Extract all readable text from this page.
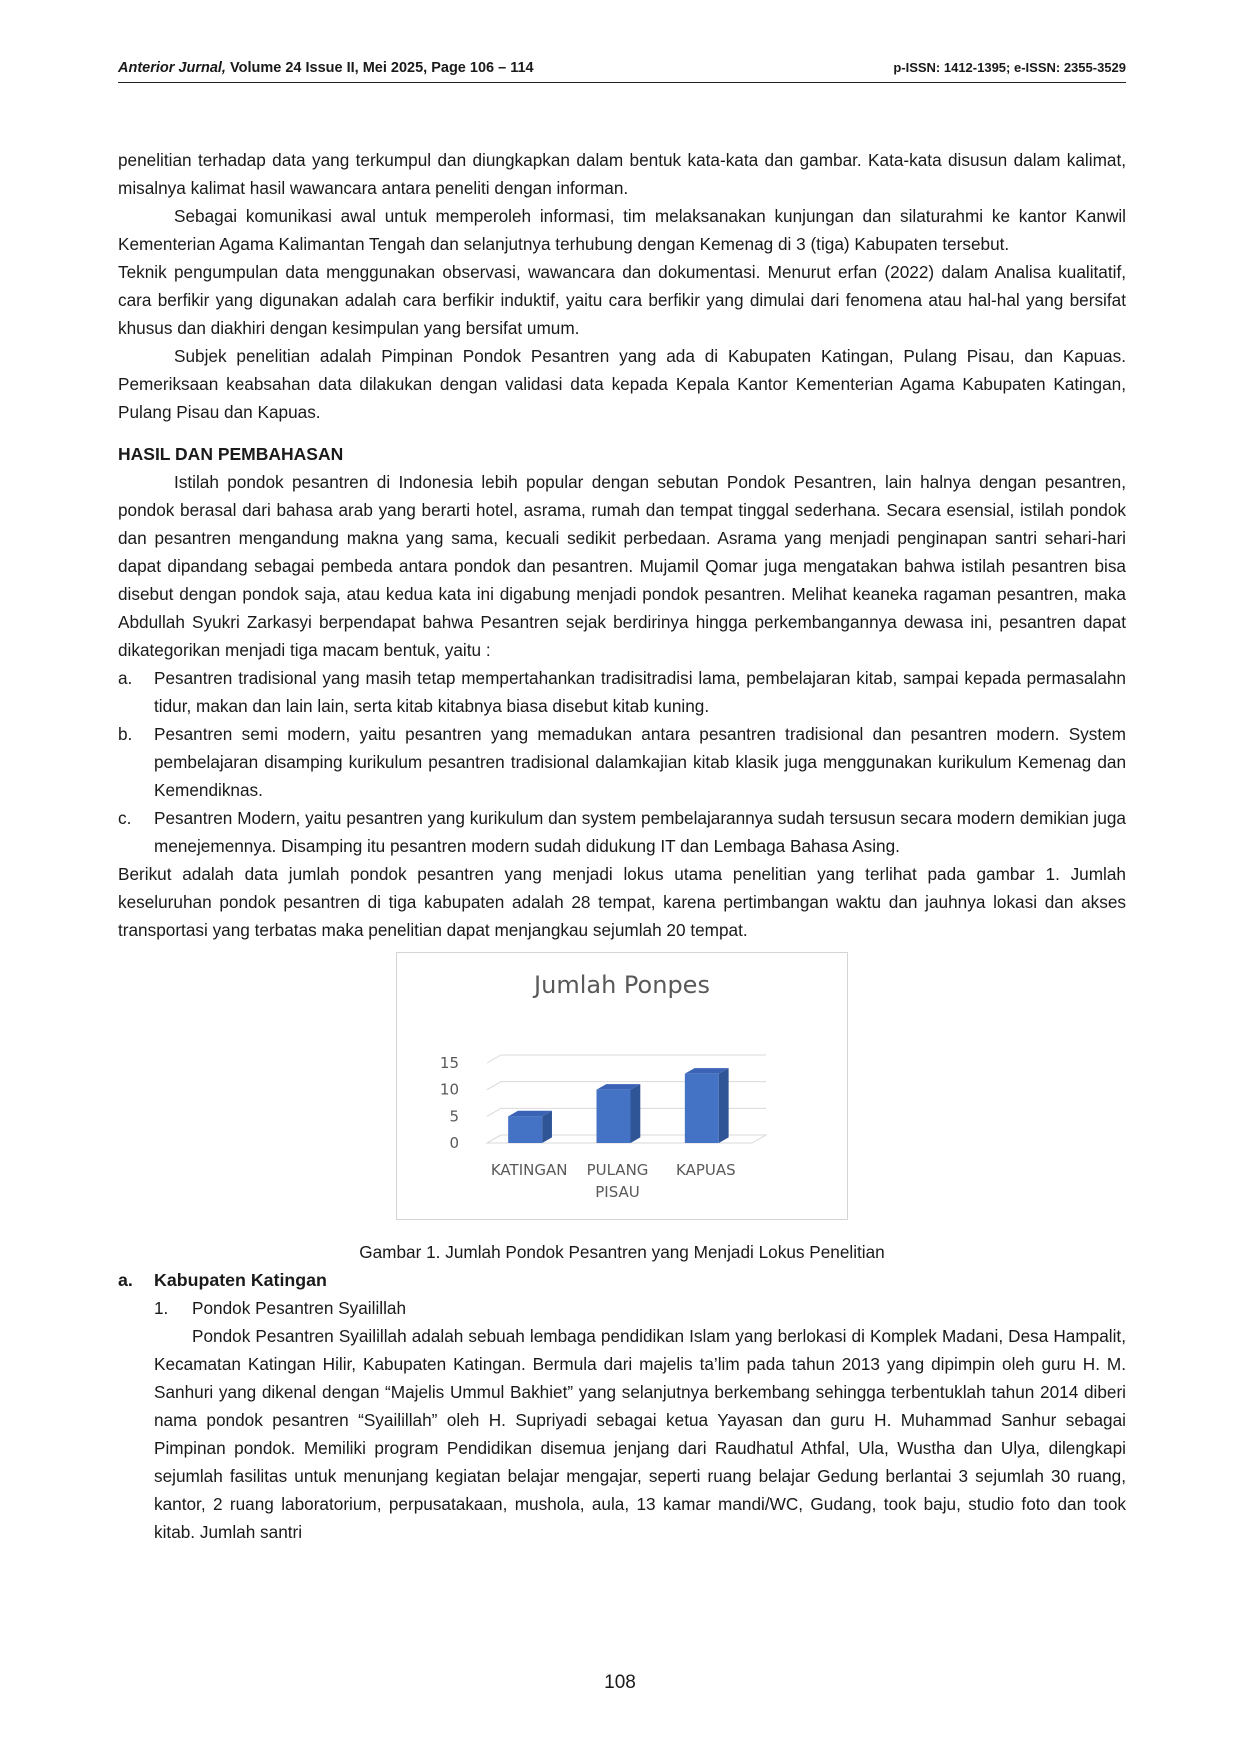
Anterior Jurnal, Volume 24 Issue II, Mei 2025, Page 106 – 114	p-ISSN: 1412-1395; e-ISSN: 2355-3529

penelitian terhadap data yang terkumpul dan diungkapkan dalam bentuk kata-kata dan gambar. Kata-kata disusun dalam kalimat, misalnya kalimat hasil wawancara antara peneliti dengan informan.

Sebagai komunikasi awal untuk memperoleh informasi, tim melaksanakan kunjungan dan silaturahmi ke kantor Kanwil Kementerian Agama Kalimantan Tengah dan selanjutnya terhubung dengan Kemenag di 3 (tiga) Kabupaten tersebut.

Teknik pengumpulan data menggunakan observasi, wawancara dan dokumentasi. Menurut erfan (2022) dalam Analisa kualitatif, cara berfikir yang digunakan adalah cara berfikir induktif, yaitu cara berfikir yang dimulai dari fenomena atau hal-hal yang bersifat khusus dan diakhiri dengan kesimpulan yang bersifat umum.

Subjek penelitian adalah Pimpinan Pondok Pesantren yang ada di Kabupaten Katingan, Pulang Pisau, dan Kapuas. Pemeriksaan keabsahan data dilakukan dengan validasi data kepada Kepala Kantor Kementerian Agama Kabupaten Katingan, Pulang Pisau dan Kapuas.

HASIL DAN PEMBAHASAN

Istilah pondok pesantren di Indonesia lebih popular dengan sebutan Pondok Pesantren, lain halnya dengan pesantren, pondok berasal dari bahasa arab yang berarti hotel, asrama, rumah dan tempat tinggal sederhana. Secara esensial, istilah pondok dan pesantren mengandung makna yang sama, kecuali sedikit perbedaan. Asrama yang menjadi penginapan santri sehari-hari dapat dipandang sebagai pembeda antara pondok dan pesantren. Mujamil Qomar juga mengatakan bahwa istilah pesantren bisa disebut dengan pondok saja, atau kedua kata ini digabung menjadi pondok pesantren. Melihat keaneka ragaman pesantren, maka Abdullah Syukri Zarkasyi berpendapat bahwa Pesantren sejak berdirinya hingga perkembangannya dewasa ini, pesantren dapat dikategorikan menjadi tiga macam bentuk, yaitu :

a.	Pesantren tradisional yang masih tetap mempertahankan tradisitradisi lama, pembelajaran kitab, sampai kepada permasalahn tidur, makan dan lain lain, serta kitab kitabnya biasa disebut kitab kuning.
b.	Pesantren semi modern, yaitu pesantren yang memadukan antara pesantren tradisional dan pesantren modern. System pembelajaran disamping kurikulum pesantren tradisional dalamkajian kitab klasik juga menggunakan kurikulum Kemenag dan Kemendiknas.
c.	Pesantren Modern, yaitu pesantren yang kurikulum dan system pembelajarannya sudah tersusun secara modern demikian juga menejemennya. Disamping itu pesantren modern sudah didukung IT dan Lembaga Bahasa Asing.

Berikut adalah data jumlah pondok pesantren yang menjadi lokus utama penelitian yang terlihat pada gambar 1. Jumlah keseluruhan pondok pesantren di tiga kabupaten adalah 28 tempat, karena pertimbangan waktu dan jauhnya lokasi dan akses transportasi yang terbatas maka penelitian dapat menjangkau sejumlah 20 tempat.

Jumlah Ponpes
0
5
10
15
KATINGAN PULANG
PISAU
KAPUAS
Gambar 1. Jumlah Pondok Pesantren yang Menjadi Lokus Penelitian
a.	Kabupaten Katingan
1.	Pondok Pesantren Syailillah

Pondok Pesantren Syailillah adalah sebuah lembaga pendidikan Islam yang berlokasi di Komplek Madani, Desa Hampalit, Kecamatan Katingan Hilir, Kabupaten Katingan. Bermula dari majelis ta’lim pada tahun 2013 yang dipimpin oleh guru H. M. Sanhuri yang dikenal dengan “Majelis Ummul Bakhiet” yang selanjutnya berkembang sehingga terbentuklah tahun 2014 diberi nama pondok pesantren “Syailillah” oleh H. Supriyadi sebagai ketua Yayasan dan guru H. Muhammad Sanhur sebagai Pimpinan pondok. Memiliki program Pendidikan disemua jenjang dari Raudhatul Athfal, Ula, Wustha dan Ulya, dilengkapi sejumlah fasilitas untuk menunjang kegiatan belajar mengajar, seperti ruang belajar Gedung berlantai 3 sejumlah 30 ruang, kantor, 2 ruang laboratorium, perpusatakaan, mushola, aula, 13 kamar mandi/WC, Gudang, took baju, studio foto dan took kitab. Jumlah santri

108
